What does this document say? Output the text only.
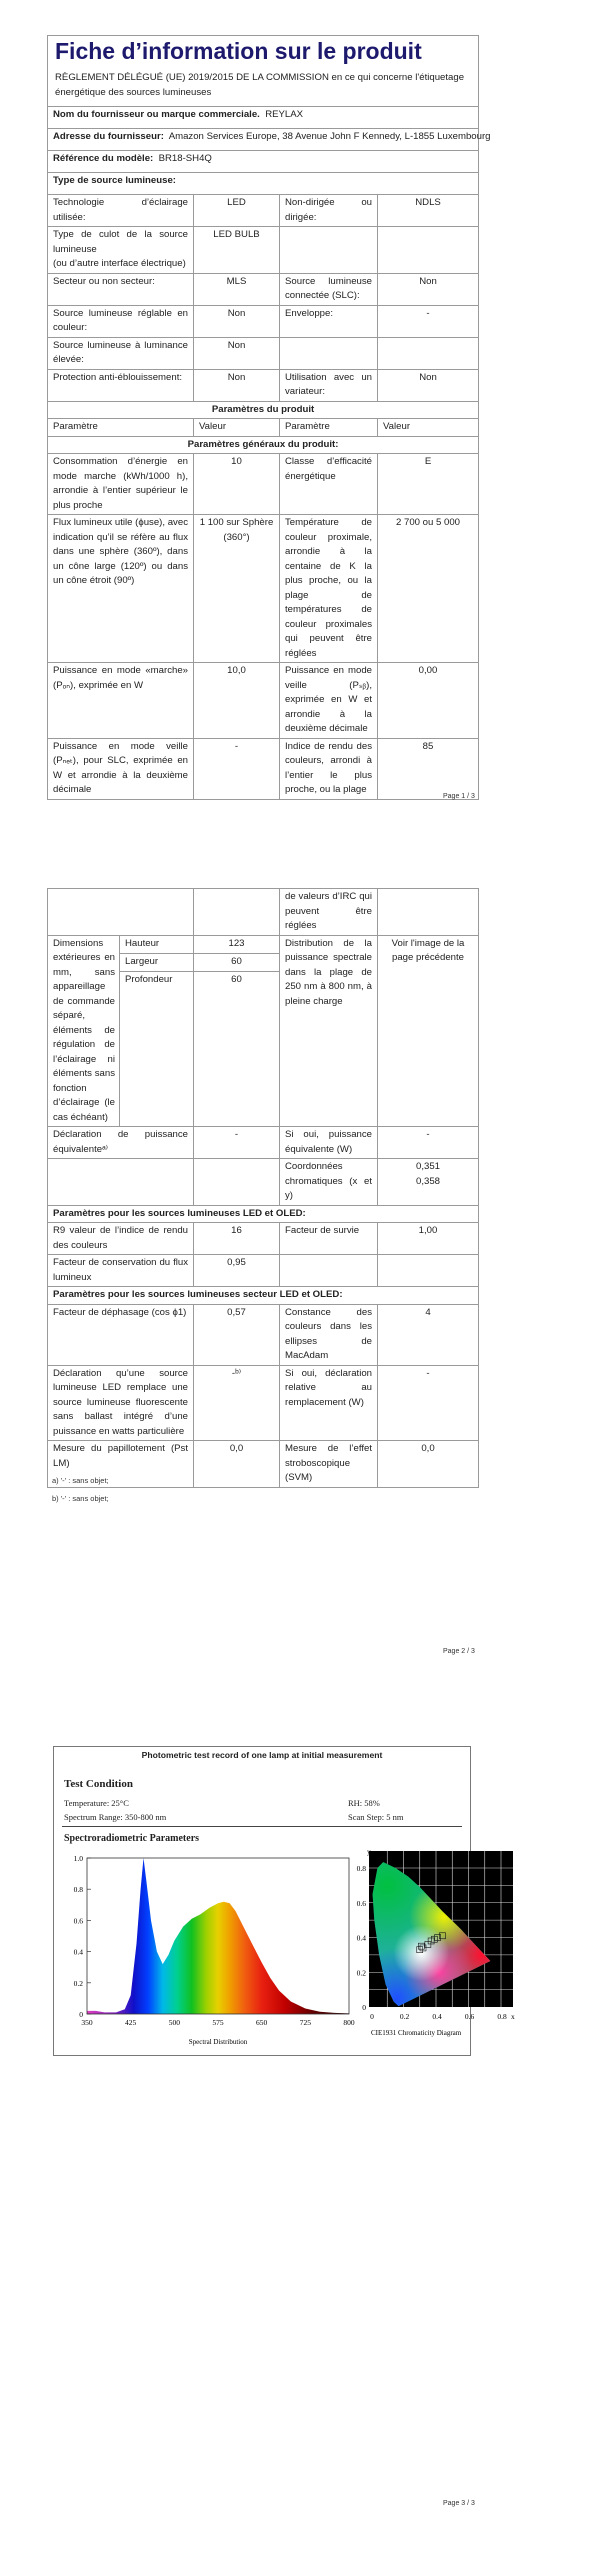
Fiche d’information sur le produit
RÈGLEMENT DÉLÉGUÉ (UE) 2019/2015 DE LA COMMISSION en ce qui concerne l'étiquetage énergétique des sources lumineuses			

Nom du fournisseur ou marque commerciale. REYLAX			
Adresse du fournisseur: Amazon Services Europe, 38 Avenue John F Kennedy, L-1855 Luxembourg			
Référence du modèle: BR18-SH4Q			
Type de source lumineuse:			
Technologie d’éclairage utilisée:	LED	Non-dirigée ou dirigée:	NDLS
Type de culot de la source lumineuse
(ou d’autre interface électrique)	LED BULB		
Secteur ou non secteur:	MLS	Source lumineuse connectée (SLC):	Non
Source lumineuse réglable en couleur:	Non	Enveloppe:	-
Source lumineuse à luminance élevée:	Non		
Protection anti-éblouissement:	Non	Utilisation avec un variateur:	Non
Paramètres du produit			
Paramètre	Valeur	Paramètre	Valeur
Paramètres généraux du produit:			
Consommation d’énergie en mode marche (kWh/1000 h), arrondie à l’entier supérieur le plus proche	10	Classe d’efficacité énergétique	E
Flux lumineux utile (ϕuse), avec indication qu’il se réfère au flux dans une sphère (360º), dans un cône large (120º) ou dans un cône étroit (90º)	1 100 sur Sphère (360°)	Température de couleur proximale, arrondie à la centaine de K la plus proche, ou la plage de températures de couleur proximales qui peuvent être réglées	2 700 ou 5 000
Puissance en mode «marche» (Pₒₙ), exprimée en W	10,0	Puissance en mode veille (Pₛᵦ), exprimée en W et arrondie à la deuxième décimale	0,00
Puissance en mode veille (Pₙₑₜ), pour SLC, exprimée en W et arrondie à la deuxième décimale	-	Indice de rendu des couleurs, arrondi à l’entier le plus proche, ou la plage	85
Page 1 / 3
			de valeurs d’IRC qui peuvent être réglées	
Dimensions extérieures en mm, sans appareillage de commande séparé, éléments de régulation de l’éclairage ni éléments sans fonction d’éclairage (le cas échéant)	Hauteur	123	Distribution de la puissance spectrale dans la plage de 250 nm à 800 nm, à pleine charge	Voir l'image de la page précédente
	Largeur	60		
	Profondeur	60		
Déclaration de puissance équivalenteᵃ⁾		-	Si oui, puissance équivalente (W)	-
			Coordonnées chromatiques (x et y)	0,351
0,358
Paramètres pour les sources lumineuses LED et OLED:				
R9 valeur de l’indice de rendu des couleurs		16	Facteur de survie	1,00
Facteur de conservation du flux lumineux		0,95		
Paramètres pour les sources lumineuses secteur LED et OLED:				
Facteur de déphasage (cos ϕ1)		0,57	Constance des couleurs dans les ellipses de MacAdam	4
Déclaration qu’une source lumineuse LED remplace une source lumineuse fluorescente sans ballast intégré d’une puissance en watts particulière		-ᵇ⁾	Si oui, déclaration relative au remplacement (W)	-
Mesure du papillotement (Pst LM)		0,0	Mesure de l’effet stroboscopique (SVM)	0,0
a) '-' : sans objet;
b) '-' : sans objet;
Page 2 / 3
Photometric test record of one lamp at initial measurement
Test Condition
Temperature: 25°C	RH: 58%
Spectrum Range: 350-800 nm	Scan Step: 5 nm
Spectroradiometric Parameters
0
0.2
0.4
0.6
0.8
1.0
350	425	500	575	650	725	800
Spectral Distribution
0
0.2
0.4
0.6
0.8
0	0.2	0.4	0.6	0.8 x
y
CIE1931 Chromaticity Diagram
Page 3 / 3
